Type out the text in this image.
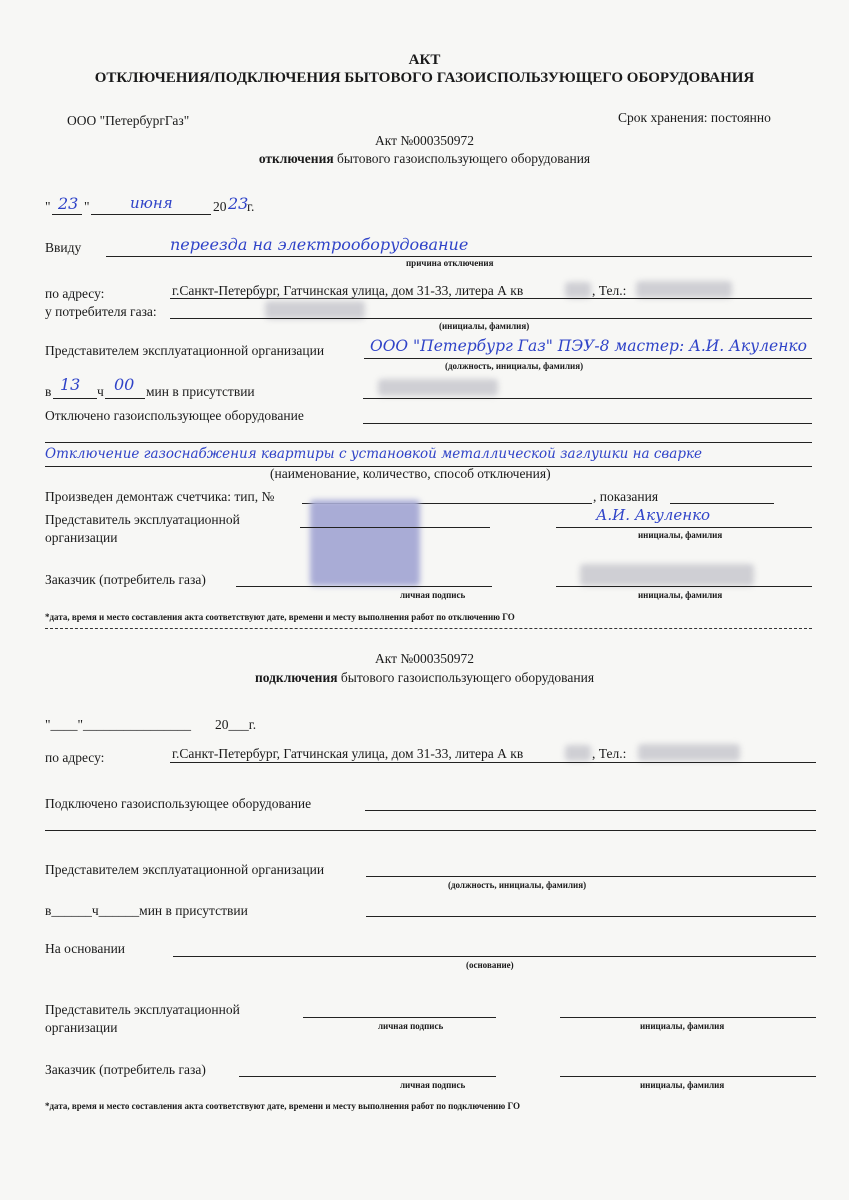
АКТ
ОТКЛЮЧЕНИЯ/ПОДКЛЮЧЕНИЯ БЫТОВОГО ГАЗОИСПОЛЬЗУЮЩЕГО ОБОРУДОВАНИЯ
ООО "ПетербургГаз"	Срок хранения: постоянно
Акт №000350972
отключения бытового газоиспользующего оборудования
" 23 "	июня	20 23
г.
Ввиду	переезда на электрооборудование
причина отключения
по адресу:	г.Санкт-Петербург, Гатчинская улица, дом 31-33, литера А кв	, Тел.:
у потребителя газа:
(инициалы, фамилия)
Представителем эксплуатационной организации	ООО "Петербург Газ" ПЭУ-8 мастер: А.И. Акуленко
(должность, инициалы, фамилия)
в 13 ч 00 мин в присутствии
Отключено газоиспользующее оборудование
Отключение газоснабжения квартиры с установкой металлической заглушки на сварке
(наименование, количество, способ отключения)
Произведен демонтаж счетчика: тип, №	, показания
Представитель эксплуатационной
организации
А.И. Акуленко
инициалы, фамилия
Заказчик (потребитель газа)
личная подпись	инициалы, фамилия
*дата, время и место составления акта соответствуют дате, времени и месту выполнения работ по отключению ГО
Акт №000350972
подключения бытового газоиспользующего оборудования
"____"________________ 20___г.
по адресу:	г.Санкт-Петербург, Гатчинская улица, дом 31-33, литера А кв	, Тел.:
Подключено газоиспользующее оборудование
Представителем эксплуатационной организации
(должность, инициалы, фамилия)
в______ч______мин в присутствии
На основании
(основание)
Представитель эксплуатационной
организации	личная подпись	инициалы, фамилия
Заказчик (потребитель газа)
личная подпись	инициалы, фамилия
*дата, время и место составления акта соответствуют дате, времени и месту выполнения работ по подключению ГО
